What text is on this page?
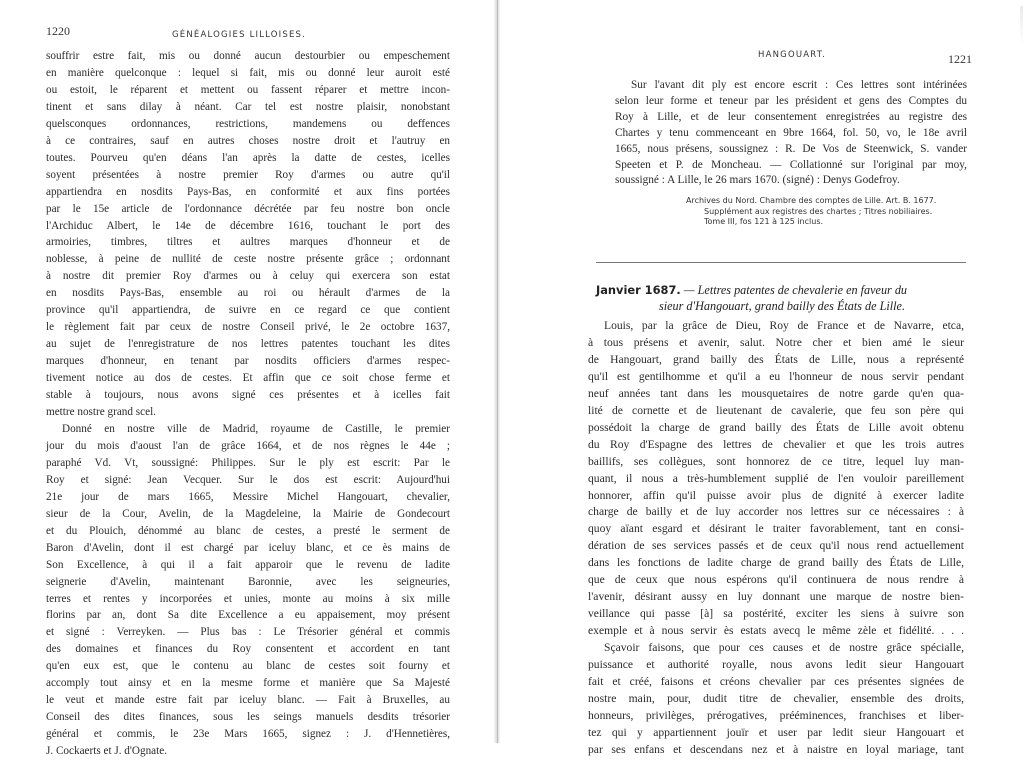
1220	GÉNÉALOGIES LILLOISES.
souffrir estre fait, mis ou donné aucun destourbier ou empeschement
en manière quelconque : lequel si fait, mis ou donné leur auroit esté
ou estoit, le réparent et mettent ou fassent réparer et mettre incon-
tinent et sans dilay à néant. Car tel est nostre plaisir, nonobstant
quelsconques ordonnances, restrictions, mandemens ou deffences
à ce contraires, sauf en autres choses nostre droit et l'autruy en
toutes. Pourveu qu'en déans l'an après la datte de cestes, icelles
soyent présentées à nostre premier Roy d'armes ou autre qu'il
appartiendra en nosdits Pays-Bas, en conformité et aux fins portées
par le 15e article de l'ordonnance décrétée par feu nostre bon oncle
l'Archiduc Albert, le 14e de décembre 1616, touchant le port des
armoiries, timbres, tiltres et aultres marques d'honneur et de
noblesse, à peine de nullité de ceste nostre présente grâce ; ordonnant
à nostre dit premier Roy d'armes ou à celuy qui exercera son estat
en nosdits Pays-Bas, ensemble au roi ou hérault d'armes de la
province qu'il appartiendra, de suivre en ce regard ce que contient
le règlement fait par ceux de nostre Conseil privé, le 2e octobre 1637,
au sujet de l'enregistrature de nos lettres patentes touchant les dites
marques d'honneur, en tenant par nosdits officiers d'armes respec-
tivement notice au dos de cestes. Et affin que ce soit chose ferme et
stable à toujours, nous avons signé ces présentes et à icelles fait
mettre nostre grand scel.
Donné en nostre ville de Madrid, royaume de Castille, le premier
jour du mois d'aoust l'an de grâce 1664, et de nos règnes le 44e ;
paraphé Vd. Vt, soussigné: Philippes. Sur le ply est escrit: Par le
Roy et signé: Jean Vecquer. Sur le dos est escrit: Aujourd'hui
21e jour de mars 1665, Messire Michel Hangouart, chevalier,
sieur de la Cour, Avelin, de la Magdeleine, la Mairie de Gondecourt
et du Plouich, dénommé au blanc de cestes, a presté le serment de
Baron d'Avelin, dont il est chargé par iceluy blanc, et ce ès mains de
Son Excellence, à qui il a fait apparoir que le revenu de ladite
seignerie d'Avelin, maintenant Baronnie, avec les seigneuries,
terres et rentes y incorporées et unies, monte au moins à six mille
florins par an, dont Sa dite Excellence a eu appaisement, moy présent
et signé : Verreyken. — Plus bas : Le Trésorier général et commis
des domaines et finances du Roy consentent et accordent en tant
qu'en eux est, que le contenu au blanc de cestes soit fourny et
accomply tout ainsy et en la mesme forme et manière que Sa Majesté
le veut et mande estre fait par iceluy blanc. — Fait à Bruxelles, au
Conseil des dites finances, sous les seings manuels desdits trésorier
général et commis, le 23e Mars 1665, signez : J. d'Hennetières,
J. Cockaerts et J. d'Ognate.
HANGOUART.	1221
Sur l'avant dit ply est encore escrit : Ces lettres sont intérinées
selon leur forme et teneur par les président et gens des Comptes du
Roy à Lille, et de leur consentement enregistrées au registre des
Chartes y tenu commenceant en 9bre 1664, fol. 50, vo, le 18e avril
1665, nous présens, soussignez : R. De Vos de Steenwick, S. vander
Speeten et P. de Moncheau. — Collationné sur l'original par moy,
soussigné : A Lille, le 26 mars 1670. (signé) : Denys Godefroy.
Archives du Nord. Chambre des comptes de Lille. Art. B. 1677.
Supplément aux registres des chartes ; Titres nobiliaires.
Tome III, fos 121 à 125 inclus.
Janvier 1687. — Lettres patentes de chevalerie en faveur du
sieur d'Hangouart, grand bailly des États de Lille.
Louis, par la grâce de Dieu, Roy de France et de Navarre, etca,
à tous présens et avenir, salut. Notre cher et bien amé le sieur
de Hangouart, grand bailly des États de Lille, nous a représenté
qu'il est gentilhomme et qu'il a eu l'honneur de nous servir pendant
neuf années tant dans les mousquetaires de notre garde qu'en qua-
lité de cornette et de lieutenant de cavalerie, que feu son père qui
possédoit la charge de grand bailly des États de Lille avoit obtenu
du Roy d'Espagne des lettres de chevalier et que les trois autres
baillifs, ses collègues, sont honnorez de ce titre, lequel luy man-
quant, il nous a très-humblement supplié de l'en vouloir pareillement
honnorer, affin qu'il puisse avoir plus de dignité à exercer ladite
charge de bailly et de luy accorder nos lettres sur ce nécessaires : à
quoy aïant esgard et désirant le traiter favorablement, tant en consi-
dération de ses services passés et de ceux qu'il nous rend actuellement
dans les fonctions de ladite charge de grand bailly des États de Lille,
que de ceux que nous espérons qu'il continuera de nous rendre à
l'avenir, désirant aussy en luy donnant une marque de nostre bien-
veillance qui passe [à] sa postérité, exciter les siens à suivre son
exemple et à nous servir ès estats avecq le même zèle et fidélité. . . .
Sçavoir faisons, que pour ces causes et de nostre grâce spécialle,
puissance et authorité royalle, nous avons ledit sieur Hangouart
fait et créé, faisons et créons chevalier par ces présentes signées de
nostre main, pour, dudit titre de chevalier, ensemble des droits,
honneurs, privilèges, prérogatives, prééminences, franchises et liber-
tez qui y appartiennent jouïr et user par ledit sieur Hangouart et
par ses enfans et descendans nez et à naistre en loyal mariage, tant
